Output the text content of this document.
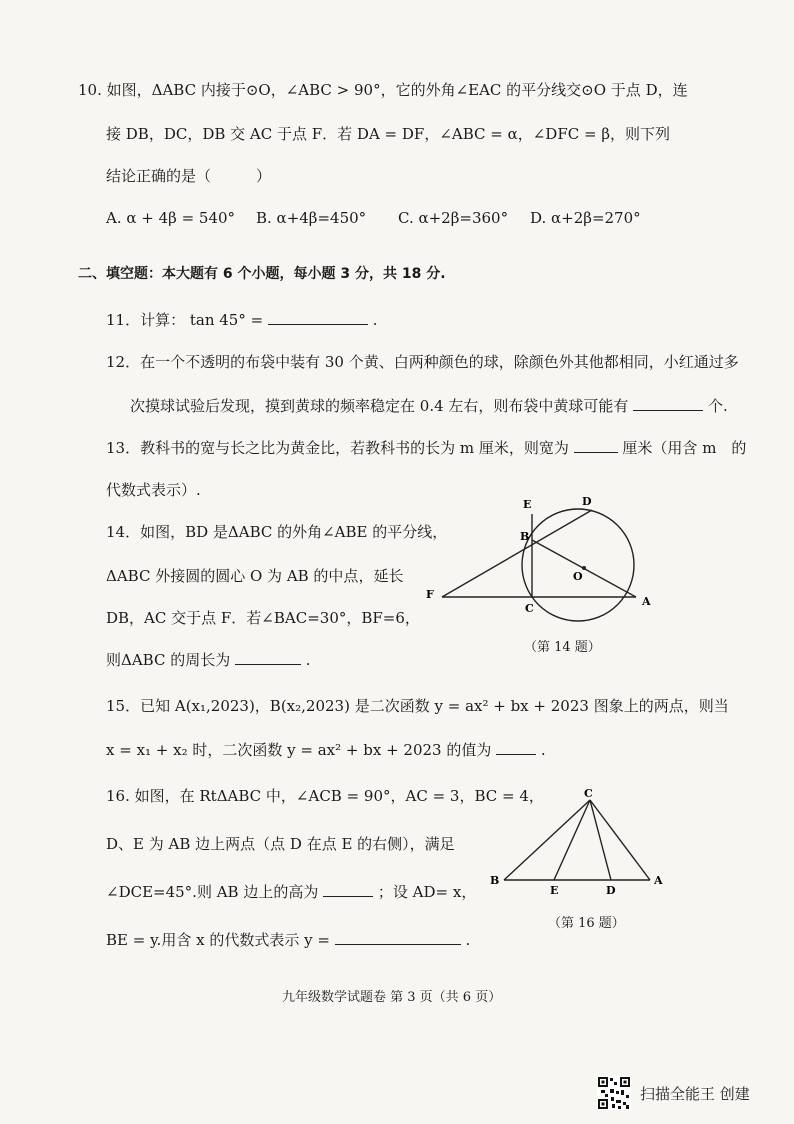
10. 如图，ΔABC 内接于⊙O，∠ABC > 90°，它的外角∠EAC 的平分线交⊙O 于点 D，连
接 DB，DC，DB 交 AC 于点 F．若 DA = DF，∠ABC = α，∠DFC = β，则下列
结论正确的是（　　　）
A. α + 4β = 540° B. α+4β=450° C. α+2β=360° D. α+2β=270°
二、填空题：本大题有 6 个小题，每小题 3 分，共 18 分.
11．计算： tan 45° =	.
12．在一个不透明的布袋中装有 30 个黄、白两种颜色的球，除颜色外其他都相同，小红通过多
次摸球试验后发现，摸到黄球的频率稳定在 0.4 左右，则布袋中黄球可能有	个.
13．教科书的宽与长之比为黄金比，若教科书的长为 m 厘米，则宽为	厘米（用含 m　的
代数式表示）.
14．如图，BD 是ΔABC 的外角∠ABE 的平分线，
ΔABC 外接圆的圆心 O 为 AB 的中点，延长
DB，AC 交于点 F．若∠BAC=30°，BF=6，
则ΔABC 的周长为	.
E	D
B
O
F
C
A
（第 14 题）
15．已知 A(x₁,2023)，B(x₂,2023) 是二次函数 y = ax² + bx + 2023 图象上的两点，则当
x = x₁ + x₂ 时，二次函数 y = ax² + bx + 2023 的值为	.
16. 如图，在 RtΔABC 中，∠ACB = 90°，AC = 3，BC = 4，
D、E 为 AB 边上两点（点 D 在点 E 的右侧），满足
∠DCE=45°.则 AB 边上的高为	；设 AD= x，
BE = y.用含 x 的代数式表示 y =	.
C
B
E	D
A
（第 16 题）
九年级数学试题卷 第 3 页（共 6 页）
扫描全能王 创建
